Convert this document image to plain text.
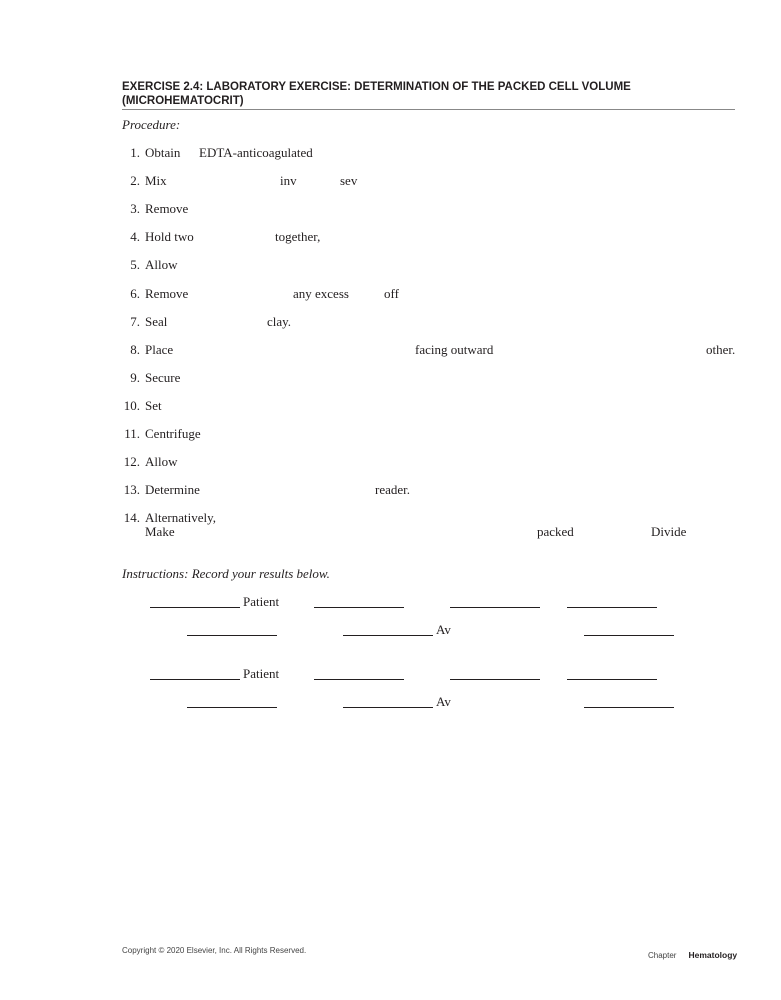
EXERCISE 2.4: LABORATORY EXERCISE: DETERMINATION OF THE PACKED CELL VOLUME
(MICROHEMATOCRIT)
Procedure:
1. Obtain EDTA-anticoagulated
2. Mix	inv	sev
3. Remove
4. Hold two	together,
5. Allow
6. Remove	any excess	off
7. Seal	clay.
8. Place	facing outward	other.
9. Secure
10. Set
11. Centrifuge
12. Allow
13. Determine	reader.
14. Alternatively,
Make	packed	Divide
Instructions: Record your results below.
Patient
Av
Patient
Av
Copyright © 2020 Elsevier, Inc. All Rights Reserved.
Chapter Hematology
